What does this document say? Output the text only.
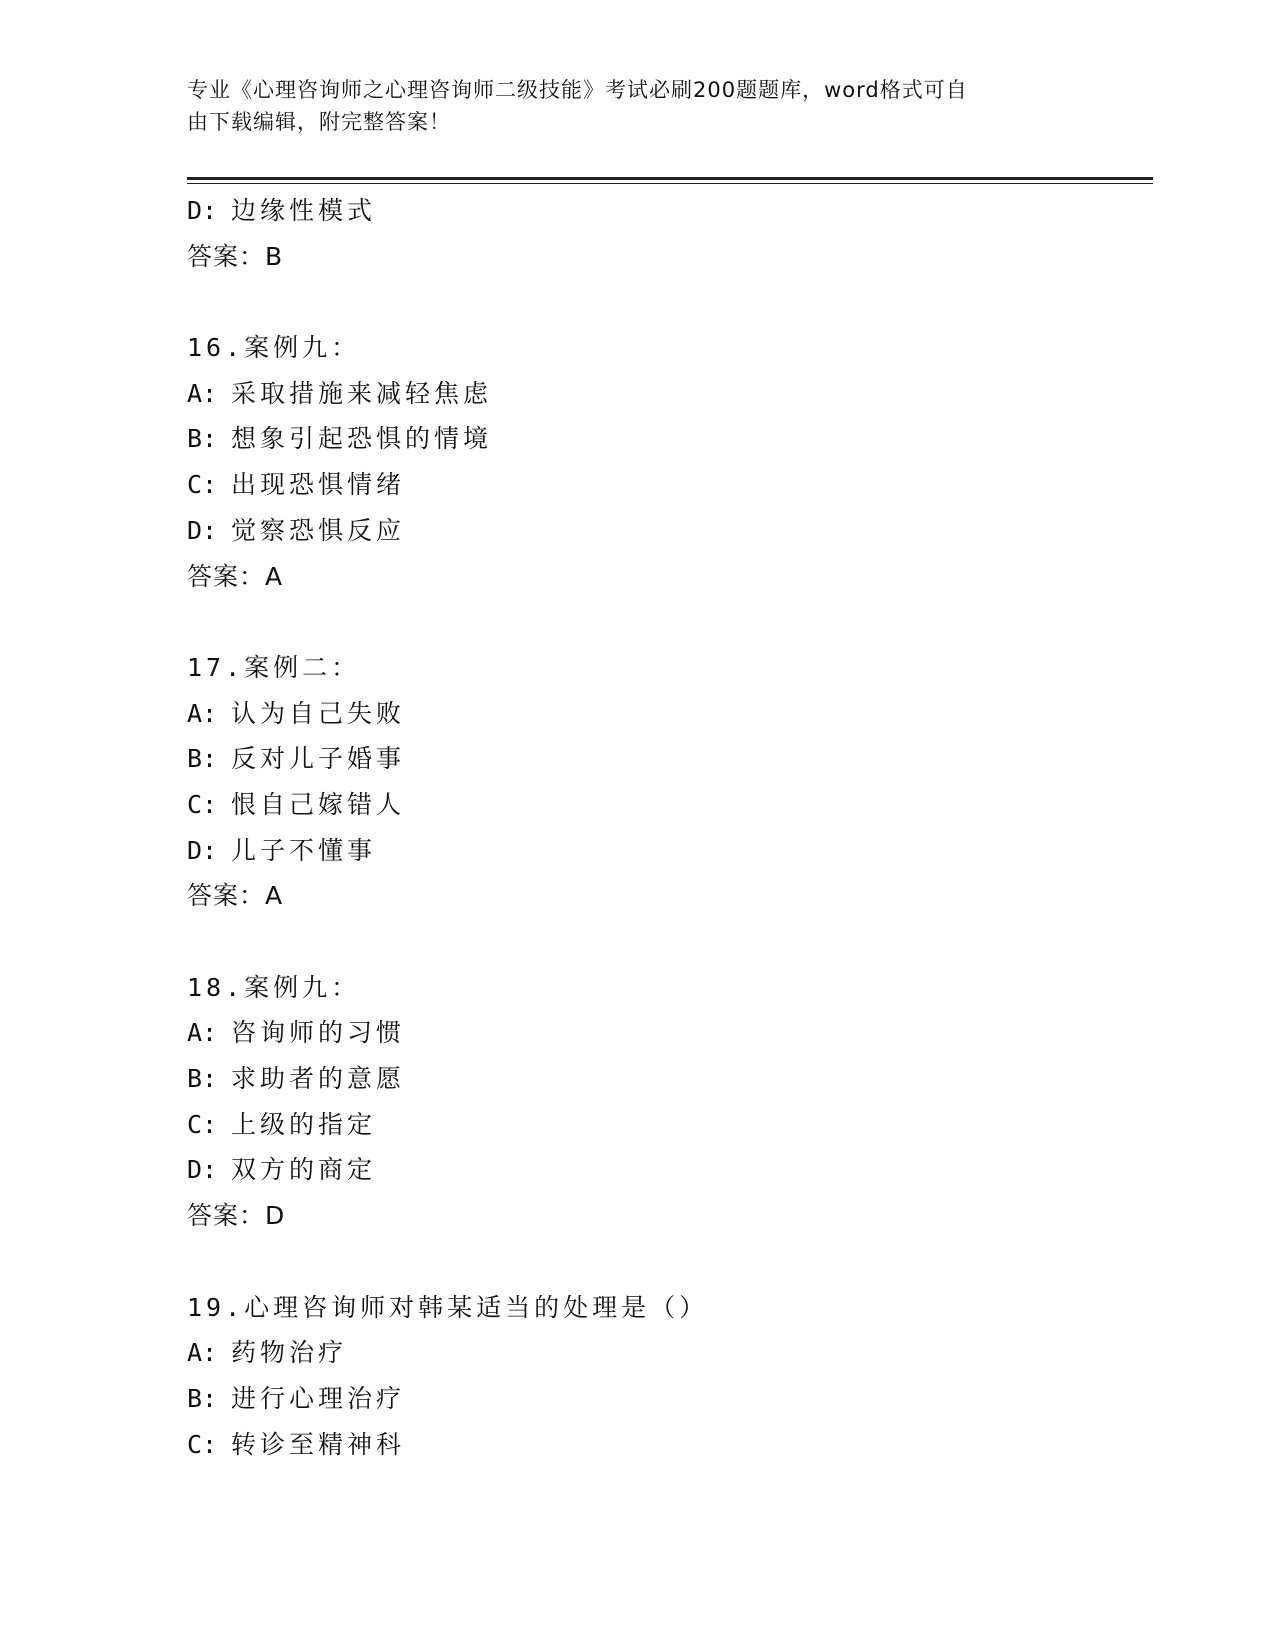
专业《心理咨询师之心理咨询师二级技能》考试必刷200题题库，word格式可自
由下载编辑，附完整答案！
D: 边缘性模式
答案：B
16.案例九：
A: 采取措施来减轻焦虑
B: 想象引起恐惧的情境
C: 出现恐惧情绪
D: 觉察恐惧反应
答案：A
17.案例二：
A: 认为自己失败
B: 反对儿子婚事
C: 恨自己嫁错人
D: 儿子不懂事
答案：A
18.案例九：
A: 咨询师的习惯
B: 求助者的意愿
C: 上级的指定
D: 双方的商定
答案：D
19.心理咨询师对韩某适当的处理是（）
A: 药物治疗
B: 进行心理治疗
C: 转诊至精神科
